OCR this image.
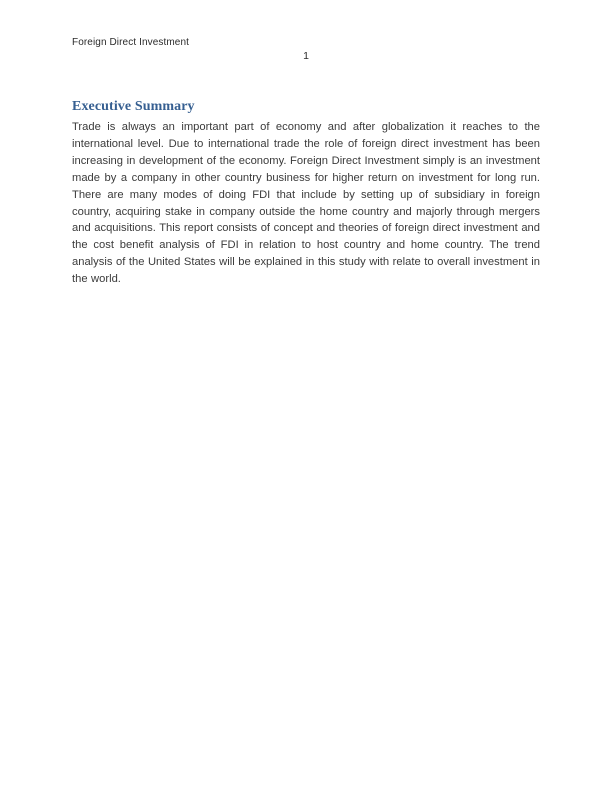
Foreign Direct Investment
1
Executive Summary

Trade is always an important part of economy and after globalization it reaches to the international level. Due to international trade the role of foreign direct investment has been increasing in development of the economy. Foreign Direct Investment simply is an investment made by a company in other country business for higher return on investment for long run. There are many modes of doing FDI that include by setting up of subsidiary in foreign country, acquiring stake in company outside the home country and majorly through mergers and acquisitions. This report consists of concept and theories of foreign direct investment and the cost benefit analysis of FDI in relation to host country and home country. The trend analysis of the United States will be explained in this study with relate to overall investment in the world.
